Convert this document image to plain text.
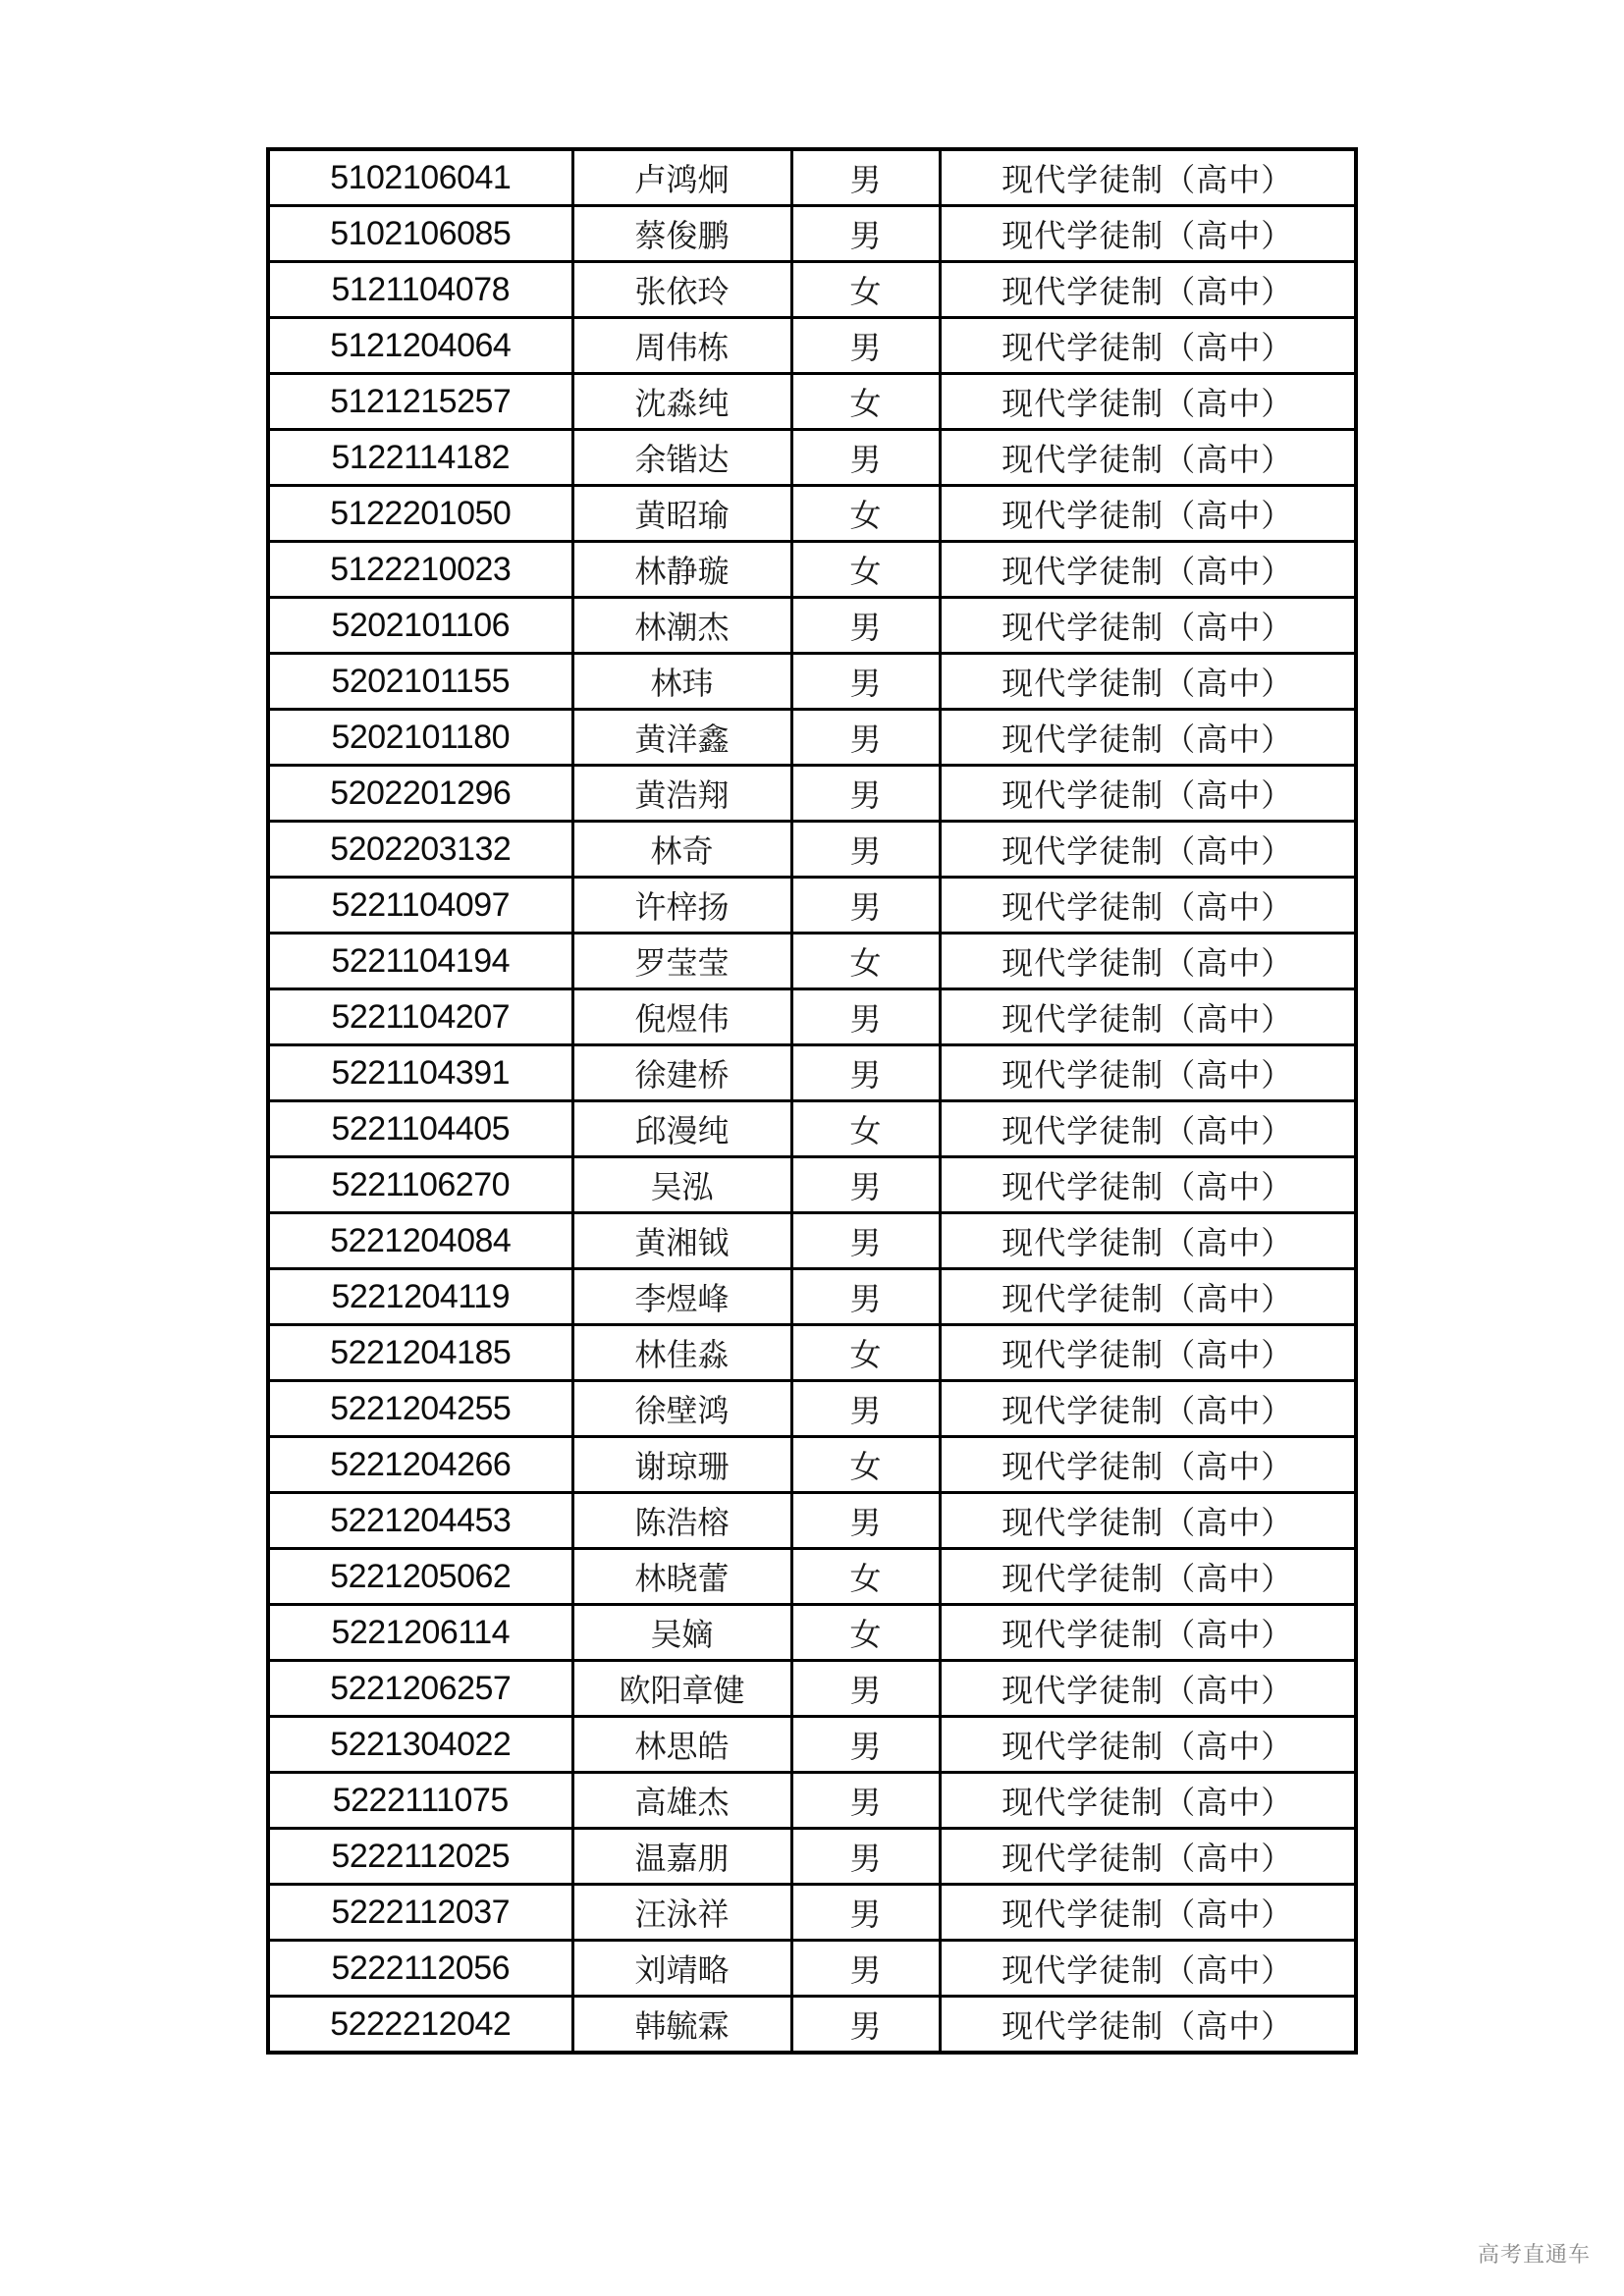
5102106041	卢鸿炯	男	现代学徒制（高中）
5102106085	蔡俊鹏	男	现代学徒制（高中）
5121104078	张依玲	女	现代学徒制（高中）
5121204064	周伟栋	男	现代学徒制（高中）
5121215257	沈淼纯	女	现代学徒制（高中）
5122114182	余锴达	男	现代学徒制（高中）
5122201050	黄昭瑜	女	现代学徒制（高中）
5122210023	林静璇	女	现代学徒制（高中）
5202101106	林潮杰	男	现代学徒制（高中）
5202101155	林玮	男	现代学徒制（高中）
5202101180	黄洋鑫	男	现代学徒制（高中）
5202201296	黄浩翔	男	现代学徒制（高中）
5202203132	林奇	男	现代学徒制（高中）
5221104097	许梓扬	男	现代学徒制（高中）
5221104194	罗莹莹	女	现代学徒制（高中）
5221104207	倪煜伟	男	现代学徒制（高中）
5221104391	徐建桥	男	现代学徒制（高中）
5221104405	邱漫纯	女	现代学徒制（高中）
5221106270	吴泓	男	现代学徒制（高中）
5221204084	黄湘钺	男	现代学徒制（高中）
5221204119	李煜峰	男	现代学徒制（高中）
5221204185	林佳淼	女	现代学徒制（高中）
5221204255	徐壁鸿	男	现代学徒制（高中）
5221204266	谢琼珊	女	现代学徒制（高中）
5221204453	陈浩榕	男	现代学徒制（高中）
5221205062	林晓蕾	女	现代学徒制（高中）
5221206114	吴嫡	女	现代学徒制（高中）
5221206257	欧阳章健	男	现代学徒制（高中）
5221304022	林思皓	男	现代学徒制（高中）
5222111075	高雄杰	男	现代学徒制（高中）
5222112025	温嘉朋	男	现代学徒制（高中）
5222112037	汪泳祥	男	现代学徒制（高中）
5222112056	刘靖略	男	现代学徒制（高中）
5222212042	韩毓霖	男	现代学徒制（高中）
高考直通车
